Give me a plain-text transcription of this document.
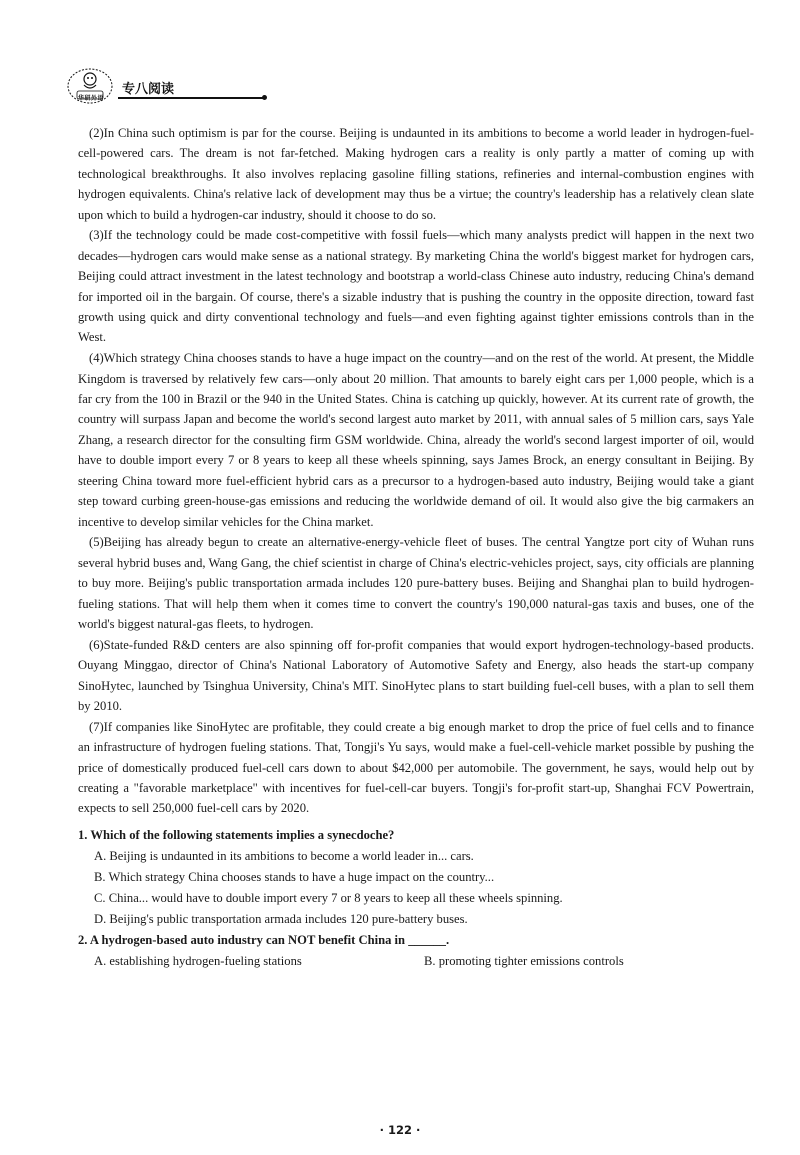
华研外语
专八阅读

(2)In China such optimism is par for the course. Beijing is undaunted in its ambitions to become a world leader in hydrogen-fuel-cell-powered cars. The dream is not far-fetched. Making hydrogen cars a reality is only partly a matter of coming up with technological breakthroughs. It also involves replacing gasoline filling stations, refineries and internal-combustion engines with hydrogen equivalents. China's relative lack of development may thus be a virtue; the country's leadership has a relatively clean slate upon which to build a hydrogen-car industry, should it choose to do so.

(3)If the technology could be made cost-competitive with fossil fuels—which many analysts predict will happen in the next two decades—hydrogen cars would make sense as a national strategy. By marketing China the world's biggest market for hydrogen cars, Beijing could attract investment in the latest technology and bootstrap a world-class Chinese auto industry, reducing China's demand for imported oil in the bargain. Of course, there's a sizable industry that is pushing the country in the opposite direction, toward fast growth using quick and dirty conventional technology and fuels—and even fighting against tighter emissions controls than in the West.

(4)Which strategy China chooses stands to have a huge impact on the country—and on the rest of the world. At present, the Middle Kingdom is traversed by relatively few cars—only about 20 million. That amounts to barely eight cars per 1,000 people, which is a far cry from the 100 in Brazil or the 940 in the United States. China is catching up quickly, however. At its current rate of growth, the country will surpass Japan and become the world's second largest auto market by 2011, with annual sales of 5 million cars, says Yale Zhang, a research director for the consulting firm GSM worldwide. China, already the world's second largest importer of oil, would have to double import every 7 or 8 years to keep all these wheels spinning, says James Brock, an energy consultant in Beijing. By steering China toward more fuel-efficient hybrid cars as a precursor to a hydrogen-based auto industry, Beijing would take a giant step toward curbing green-house-gas emissions and reducing the worldwide demand of oil. It would also give the big carmakers an incentive to develop similar vehicles for the China market.

(5)Beijing has already begun to create an alternative-energy-vehicle fleet of buses. The central Yangtze port city of Wuhan runs several hybrid buses and, Wang Gang, the chief scientist in charge of China's electric-vehicles project, says, city officials are planning to buy more. Beijing's public transportation armada includes 120 pure-battery buses. Beijing and Shanghai plan to build hydrogen-fueling stations. That will help them when it comes time to convert the country's 190,000 natural-gas taxis and buses, one of the world's biggest natural-gas fleets, to hydrogen.

(6)State-funded R&D centers are also spinning off for-profit companies that would export hydrogen-technology-based products. Ouyang Minggao, director of China's National Laboratory of Automotive Safety and Energy, also heads the start-up company SinoHytec, launched by Tsinghua University, China's MIT. SinoHytec plans to start building fuel-cell buses, with a plan to sell them by 2010.

(7)If companies like SinoHytec are profitable, they could create a big enough market to drop the price of fuel cells and to finance an infrastructure of hydrogen fueling stations. That, Tongji's Yu says, would make a fuel-cell-vehicle market possible by pushing the price of domestically produced fuel-cell cars down to about $42,000 per automobile. The government, he says, would help out by creating a "favorable marketplace" with incentives for fuel-cell-car buyers. Tongji's for-profit start-up, Shanghai FCV Powertrain, expects to sell 250,000 fuel-cell cars by 2020.

1. Which of the following statements implies a synecdoche?

A. Beijing is undaunted in its ambitions to become a world leader in... cars.

B. Which strategy China chooses stands to have a huge impact on the country...

C. China... would have to double import every 7 or 8 years to keep all these wheels spinning.

D. Beijing's public transportation armada includes 120 pure-battery buses.

2. A hydrogen-based auto industry can NOT benefit China in ______.

A. establishing hydrogen-fueling stations	B. promoting tighter emissions controls
· 122 ·
